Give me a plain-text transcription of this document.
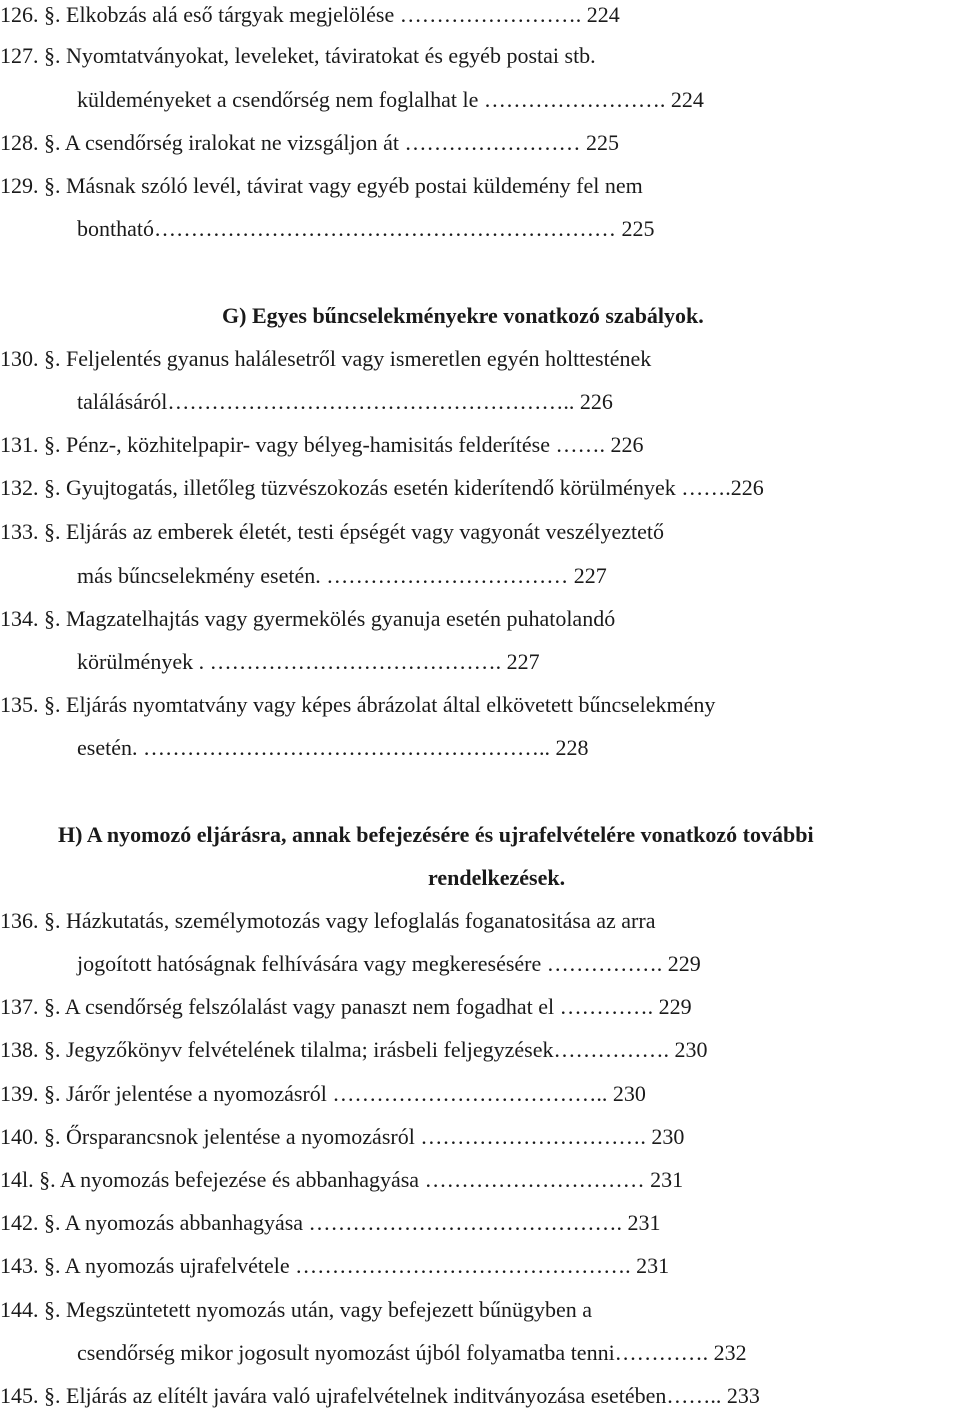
126. §. Elkobzás alá eső tárgyak megjelölése ……………………. 224
127. §. Nyomtatványokat, leveleket, táviratokat és egyéb postai stb.
küldeményeket a csendőrség nem foglalhat le ……………………. 224
128. §. A csendőrség iralokat ne vizsgáljon át …………………… 225
129. §. Másnak szóló levél, távirat vagy egyéb postai küldemény fel nem
bontható……………………………………………………… 225
G) Egyes bűncselekményekre vonatkozó szabályok.
130. §. Feljelentés gyanus halálesetről vagy ismeretlen egyén holttestének
találásáról……………………………………………….. 226
131. §. Pénz-, közhitelpapir- vagy bélyeg-hamisitás felderítése ……. 226
132. §. Gyujtogatás, illetőleg tüzvészokozás esetén kiderítendő körülmények …….226
133. §. Eljárás az emberek életét, testi épségét vagy vagyonát veszélyeztető
más bűncselekmény esetén. …………………………… 227
134. §. Magzatelhajtás vagy gyermekölés gyanuja esetén puhatolandó
körülmények . …………………………………. 227
135. §. Eljárás nyomtatvány vagy képes ábrázolat által elkövetett bűncselekmény
esetén. ……………………………………………….. 228
H) A nyomozó eljárásra, annak befejezésére és ujrafelvételére vonatkozó további
rendelkezések.
136. §. Házkutatás, személymotozás vagy lefoglalás foganatositása az arra
jogoított hatóságnak felhívására vagy megkeresésére ……………. 229
137. §. A csendőrség felszólalást vagy panaszt nem fogadhat el …………. 229
138. §. Jegyzőkönyv felvételének tilalma; irásbeli feljegyzések……………. 230
139. §. Járőr jelentése a nyomozásról ……………………………….. 230
140. §. Őrsparancsnok jelentése a nyomozásról …………………………. 230
14l. §. A nyomozás befejezése és abbanhagyása ………………………… 231
142. §. A nyomozás abbanhagyása ……………………………………. 231
143. §. A nyomozás ujrafelvétele ………………………………………. 231
144. §. Megszüntetett nyomozás után, vagy befejezett bűnügyben a
csendőrség mikor jogosult nyomozást újból folyamatba tenni…………. 232
145. §. Eljárás az elítélt javára való ujrafelvételnek inditványozása esetében…….. 233
